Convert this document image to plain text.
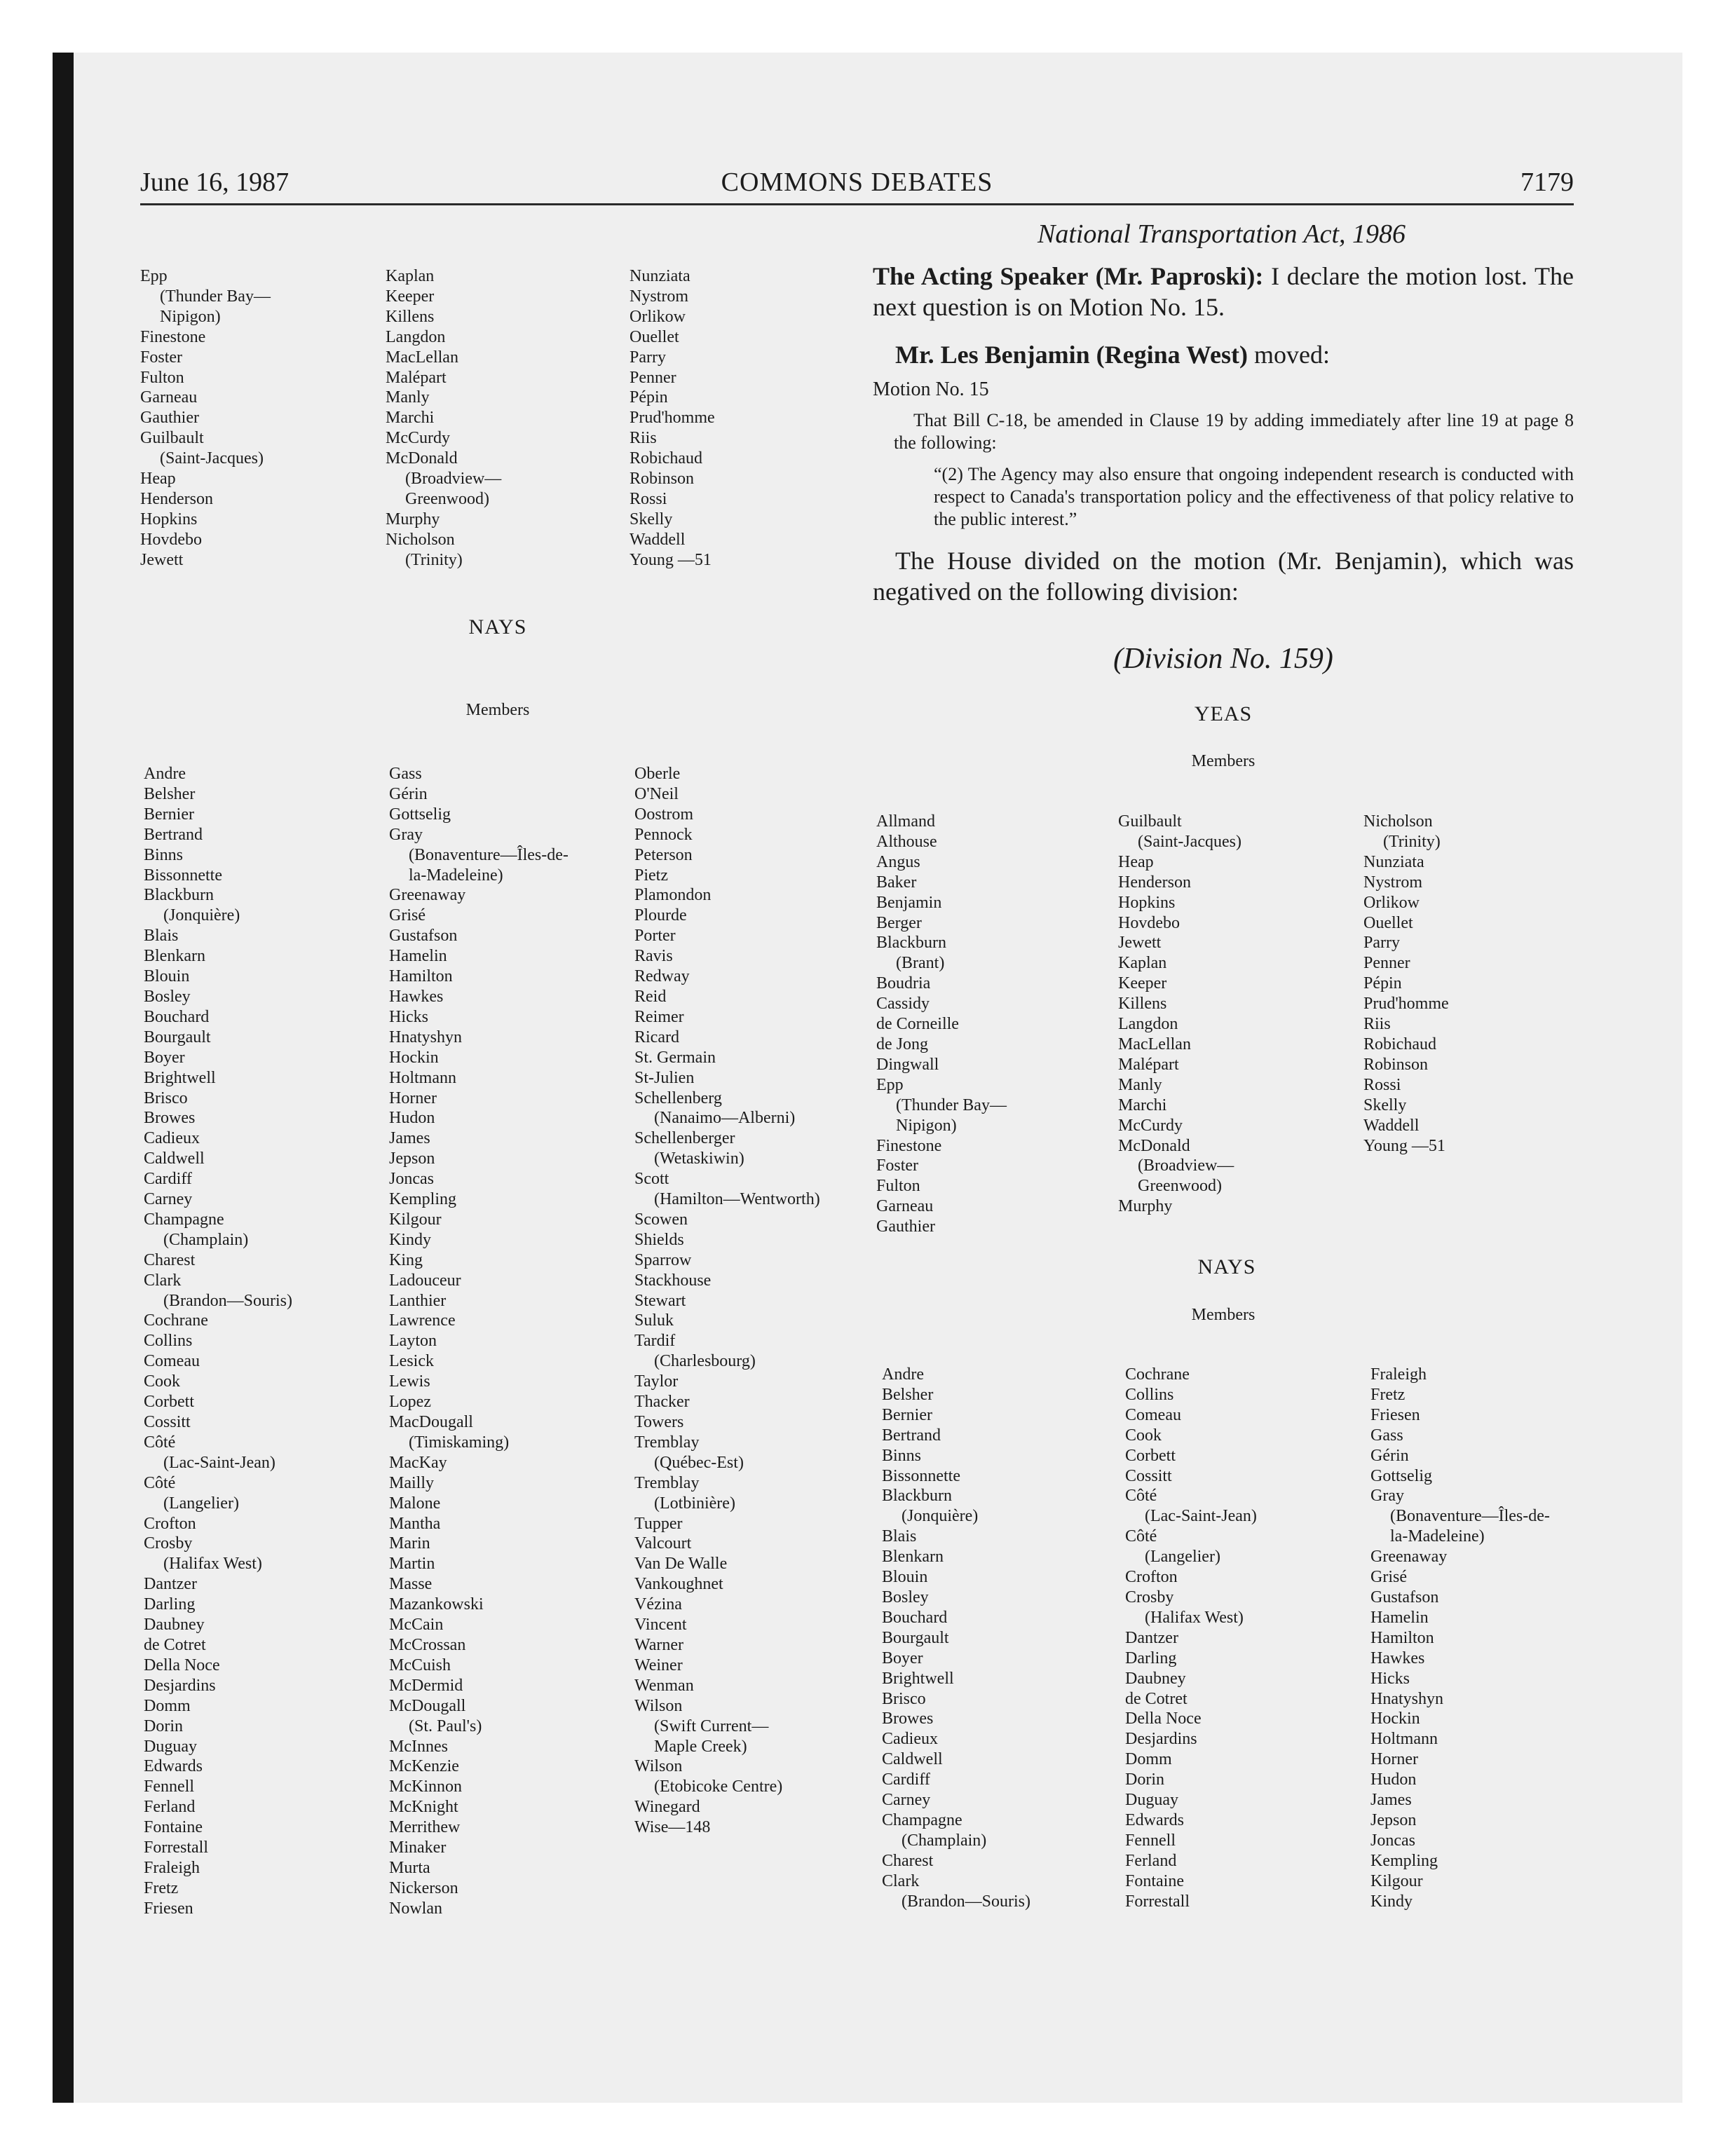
June 16, 1987	COMMONS DEBATES	7179
Epp
(Thunder Bay—
Nipigon)
Finestone
Foster
Fulton
Garneau
Gauthier
Guilbault
(Saint-Jacques)
Heap
Henderson
Hopkins
Hovdebo
Jewett
Kaplan
Keeper
Killens
Langdon
MacLellan
Malépart
Manly
Marchi
McCurdy
McDonald
(Broadview—
Greenwood)
Murphy
Nicholson
(Trinity)
Nunziata
Nystrom
Orlikow
Ouellet
Parry
Penner
Pépin
Prud'homme
Riis
Robichaud
Robinson
Rossi
Skelly
Waddell
Young —51
NAYS
Members
Andre
Belsher
Bernier
Bertrand
Binns
Bissonnette
Blackburn
(Jonquière)
Blais
Blenkarn
Blouin
Bosley
Bouchard
Bourgault
Boyer
Brightwell
Brisco
Browes
Cadieux
Caldwell
Cardiff
Carney
Champagne
(Champlain)
Charest
Clark
(Brandon—Souris)
Cochrane
Collins
Comeau
Cook
Corbett
Cossitt
Côté
(Lac-Saint-Jean)
Côté
(Langelier)
Crofton
Crosby
(Halifax West)
Dantzer
Darling
Daubney
de Cotret
Della Noce
Desjardins
Domm
Dorin
Duguay
Edwards
Fennell
Ferland
Fontaine
Forrestall
Fraleigh
Fretz
Friesen
Gass
Gérin
Gottselig
Gray
(Bonaventure—Îles-de-
la-Madeleine)
Greenaway
Grisé
Gustafson
Hamelin
Hamilton
Hawkes
Hicks
Hnatyshyn
Hockin
Holtmann
Horner
Hudon
James
Jepson
Joncas
Kempling
Kilgour
Kindy
King
Ladouceur
Lanthier
Lawrence
Layton
Lesick
Lewis
Lopez
MacDougall
(Timiskaming)
MacKay
Mailly
Malone
Mantha
Marin
Martin
Masse
Mazankowski
McCain
McCrossan
McCuish
McDermid
McDougall
(St. Paul's)
McInnes
McKenzie
McKinnon
McKnight
Merrithew
Minaker
Murta
Nickerson
Nowlan
Oberle
O'Neil
Oostrom
Pennock
Peterson
Pietz
Plamondon
Plourde
Porter
Ravis
Redway
Reid
Reimer
Ricard
St. Germain
St-Julien
Schellenberg
(Nanaimo—Alberni)
Schellenberger
(Wetaskiwin)
Scott
(Hamilton—Wentworth)
Scowen
Shields
Sparrow
Stackhouse
Stewart
Suluk
Tardif
(Charlesbourg)
Taylor
Thacker
Towers
Tremblay
(Québec-Est)
Tremblay
(Lotbinière)
Tupper
Valcourt
Van De Walle
Vankoughnet
Vézina
Vincent
Warner
Weiner
Wenman
Wilson
(Swift Current—
Maple Creek)
Wilson
(Etobicoke Centre)
Winegard
Wise—148
National Transportation Act, 1986
The Acting Speaker (Mr. Paproski): I declare the motion lost. The next question is on Motion No. 15.
Mr. Les Benjamin (Regina West) moved:
Motion No. 15
That Bill C-18, be amended in Clause 19 by adding immediately after line 19 at page 8 the following:
“(2) The Agency may also ensure that ongoing independent research is conducted with respect to Canada's transportation policy and the effectiveness of that policy relative to the public interest.”
The House divided on the motion (Mr. Benjamin), which was negatived on the following division:
(Division No. 159)
YEAS
Members
Allmand
Althouse
Angus
Baker
Benjamin
Berger
Blackburn
(Brant)
Boudria
Cassidy
de Corneille
de Jong
Dingwall
Epp
(Thunder Bay—
Nipigon)
Finestone
Foster
Fulton
Garneau
Gauthier
Guilbault
(Saint-Jacques)
Heap
Henderson
Hopkins
Hovdebo
Jewett
Kaplan
Keeper
Killens
Langdon
MacLellan
Malépart
Manly
Marchi
McCurdy
McDonald
(Broadview—
Greenwood)
Murphy
Nicholson
(Trinity)
Nunziata
Nystrom
Orlikow
Ouellet
Parry
Penner
Pépin
Prud'homme
Riis
Robichaud
Robinson
Rossi
Skelly
Waddell
Young —51
NAYS
Members
Andre
Belsher
Bernier
Bertrand
Binns
Bissonnette
Blackburn
(Jonquière)
Blais
Blenkarn
Blouin
Bosley
Bouchard
Bourgault
Boyer
Brightwell
Brisco
Browes
Cadieux
Caldwell
Cardiff
Carney
Champagne
(Champlain)
Charest
Clark
(Brandon—Souris)
Cochrane
Collins
Comeau
Cook
Corbett
Cossitt
Côté
(Lac-Saint-Jean)
Côté
(Langelier)
Crofton
Crosby
(Halifax West)
Dantzer
Darling
Daubney
de Cotret
Della Noce
Desjardins
Domm
Dorin
Duguay
Edwards
Fennell
Ferland
Fontaine
Forrestall
Fraleigh
Fretz
Friesen
Gass
Gérin
Gottselig
Gray
(Bonaventure—Îles-de-
la-Madeleine)
Greenaway
Grisé
Gustafson
Hamelin
Hamilton
Hawkes
Hicks
Hnatyshyn
Hockin
Holtmann
Horner
Hudon
James
Jepson
Joncas
Kempling
Kilgour
Kindy
